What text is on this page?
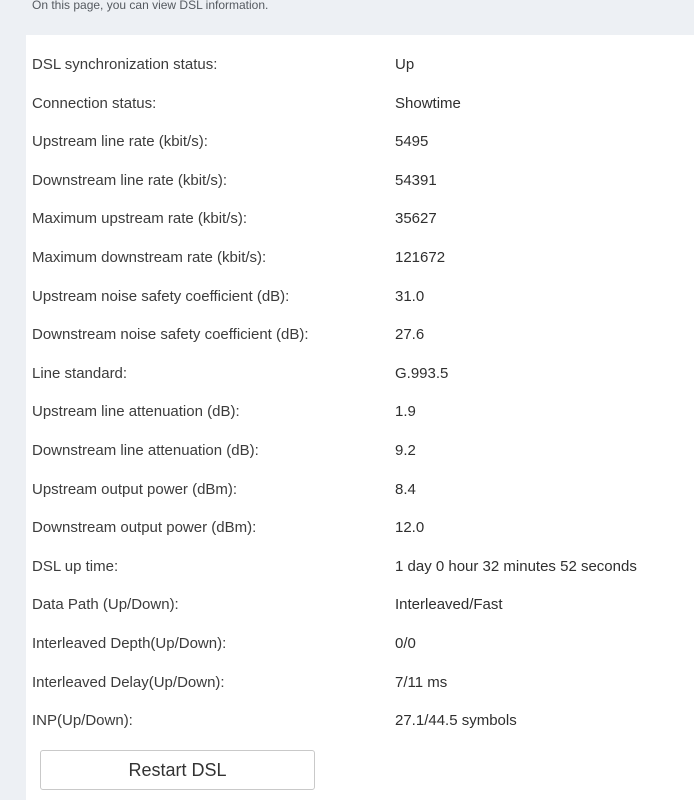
On this page, you can view DSL information.
DSL synchronization status:	Up
Connection status:	Showtime
Upstream line rate (kbit/s):	5495
Downstream line rate (kbit/s):	54391
Maximum upstream rate (kbit/s):	35627
Maximum downstream rate (kbit/s):	121672
Upstream noise safety coefficient (dB):	31.0
Downstream noise safety coefficient (dB):	27.6
Line standard:	G.993.5
Upstream line attenuation (dB):	1.9
Downstream line attenuation (dB):	9.2
Upstream output power (dBm):	8.4
Downstream output power (dBm):	12.0
DSL up time:	1 day 0 hour 32 minutes 52 seconds
Data Path (Up/Down):	Interleaved/Fast
Interleaved Depth(Up/Down):	0/0
Interleaved Delay(Up/Down):	7/11 ms
INP(Up/Down):	27.1/44.5 symbols
Restart DSL
